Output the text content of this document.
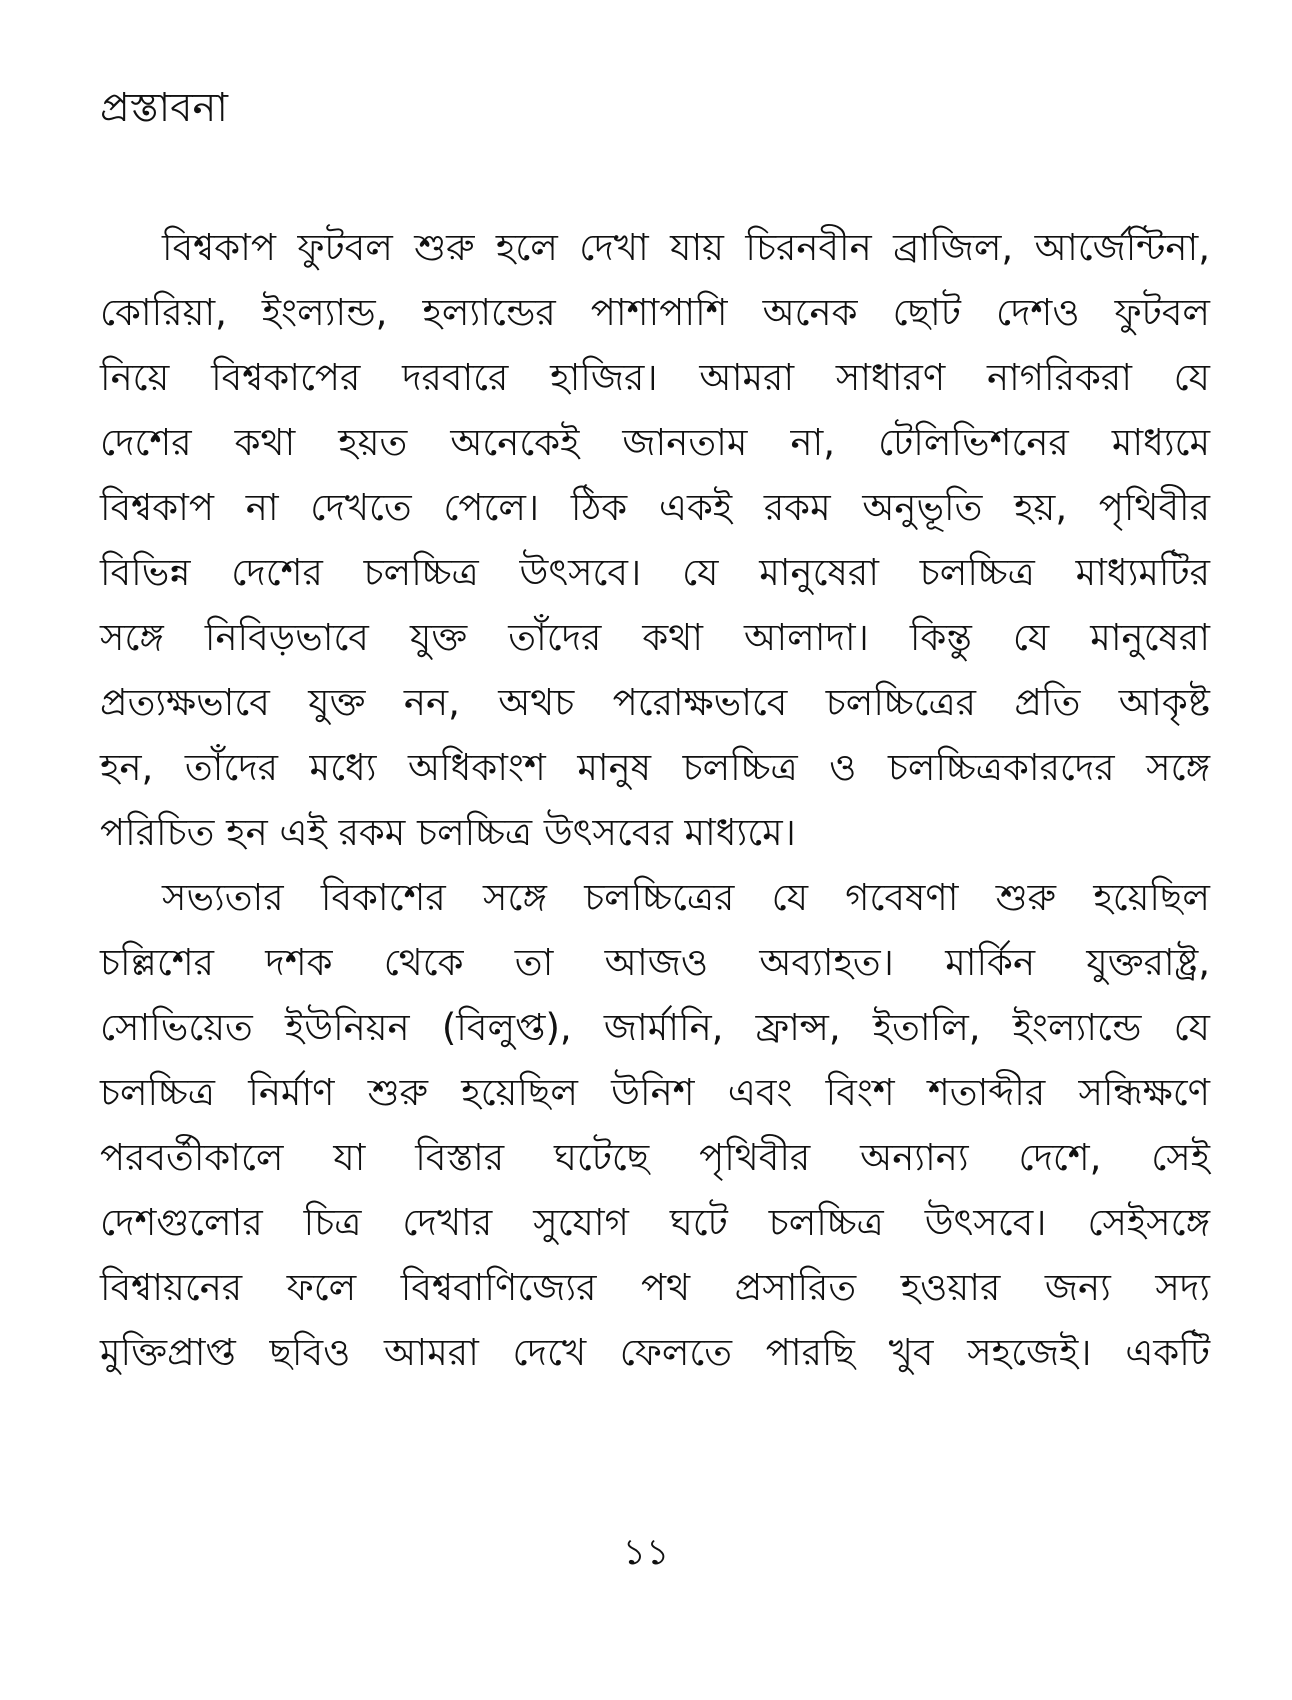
প্রস্তাবনা
বিশ্বকাপ ফুটবল শুরু হলে দেখা যায় চিরনবীন ব্রাজিল, আর্জেন্টিনা,
কোরিয়া, ইংল্যান্ড, হল্যান্ডের পাশাপাশি অনেক ছোট দেশও ফুটবল
নিয়ে বিশ্বকাপের দরবারে হাজির। আমরা সাধারণ নাগরিকরা যে
দেশের কথা হয়ত অনেকেই জানতাম না, টেলিভিশনের মাধ্যমে
বিশ্বকাপ না দেখতে পেলে। ঠিক একই রকম অনুভূতি হয়, পৃথিবীর
বিভিন্ন দেশের চলচ্চিত্র উৎসবে। যে মানুষেরা চলচ্চিত্র মাধ্যমটির
সঙ্গে নিবিড়ভাবে যুক্ত তাঁদের কথা আলাদা। কিন্তু যে মানুষেরা
প্রত্যক্ষভাবে যুক্ত নন, অথচ পরোক্ষভাবে চলচ্চিত্রের প্রতি আকৃষ্ট
হন, তাঁদের মধ্যে অধিকাংশ মানুষ চলচ্চিত্র ও চলচ্চিত্রকারদের সঙ্গে
পরিচিত হন এই রকম চলচ্চিত্র উৎসবের মাধ্যমে।
সভ্যতার বিকাশের সঙ্গে চলচ্চিত্রের যে গবেষণা শুরু হয়েছিল
চল্লিশের দশক থেকে তা আজও অব্যাহত। মার্কিন যুক্তরাষ্ট্র,
সোভিয়েত ইউনিয়ন (বিলুপ্ত), জার্মানি, ফ্রান্স, ইতালি, ইংল্যান্ডে যে
চলচ্চিত্র নির্মাণ শুরু হয়েছিল উনিশ এবং বিংশ শতাব্দীর সন্ধিক্ষণে
পরবর্তীকালে যা বিস্তার ঘটেছে পৃথিবীর অন্যান্য দেশে, সেই
দেশগুলোর চিত্র দেখার সুযোগ ঘটে চলচ্চিত্র উৎসবে। সেইসঙ্গে
বিশ্বায়নের ফলে বিশ্ববাণিজ্যের পথ প্রসারিত হওয়ার জন্য সদ্য
মুক্তিপ্রাপ্ত ছবিও আমরা দেখে ফেলতে পারছি খুব সহজেই। একটি
১১
